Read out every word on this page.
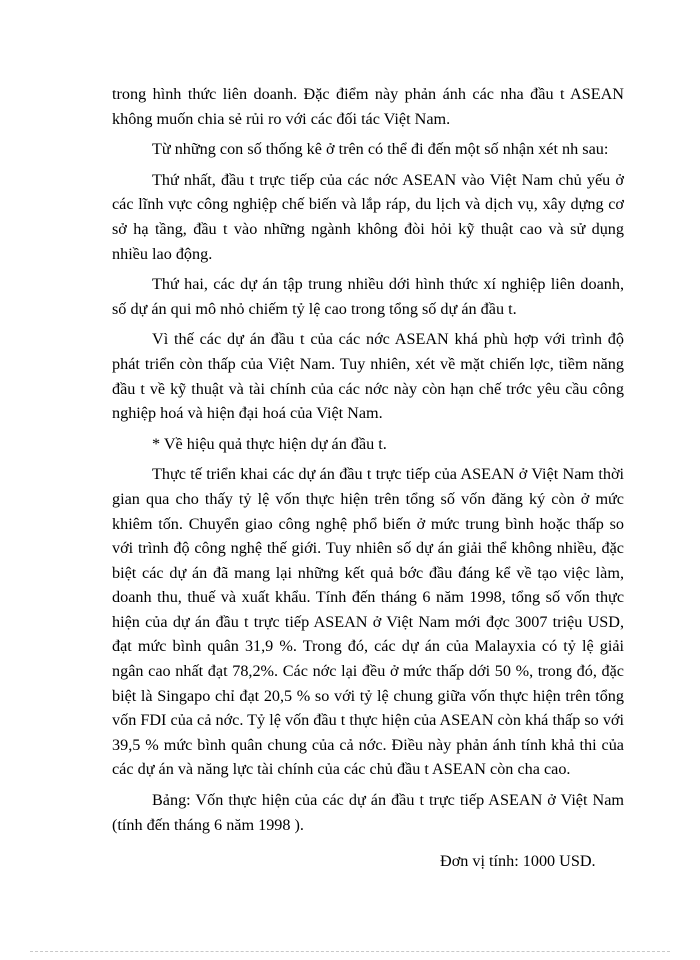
trong hình thức liên doanh. Đặc điểm này phản ánh các nha đầu t ASEAN không muốn chia sẻ rủi ro với các đối tác Việt Nam.

Từ những con số thống kê ở trên có thể đi đến một số nhận xét nh sau:

Thứ nhất, đầu t trực tiếp của các nớc ASEAN vào Việt Nam chủ yếu ở các lĩnh vực công nghiệp chế biến và lắp ráp, du lịch và dịch vụ, xây dựng cơ sở hạ tầng, đầu t vào những ngành không đòi hỏi kỹ thuật cao và sử dụng nhiều lao động.

Thứ hai, các dự án tập trung nhiều dới hình thức xí nghiệp liên doanh, số dự án qui mô nhỏ chiếm tỷ lệ cao trong tổng số dự án đầu t.

Vì thế các dự án đầu t của các nớc ASEAN khá phù hợp với trình độ phát triển còn thấp của Việt Nam. Tuy nhiên, xét về mặt chiến lợc, tiềm năng đầu t về kỹ thuật và tài chính của các nớc này còn hạn chế trớc yêu cầu công nghiệp hoá và hiện đại hoá của Việt Nam.

* Về hiệu quả thực hiện dự án đầu t.

Thực tế triển khai các dự án đầu t trực tiếp của ASEAN ở Việt Nam thời gian qua cho thấy tỷ lệ vốn thực hiện trên tổng số vốn đăng ký còn ở mức khiêm tốn. Chuyển giao công nghệ phổ biến ở mức trung bình hoặc thấp so với trình độ công nghệ thế giới. Tuy nhiên số dự án giải thể không nhiều, đặc biệt các dự án đã mang lại những kết quả bớc đầu đáng kể về tạo việc làm, doanh thu, thuế và xuất khẩu. Tính đến tháng 6 năm 1998, tổng số vốn thực hiện của dự án đầu t trực tiếp ASEAN ở Việt Nam mới đợc 3007 triệu USD, đạt mức bình quân 31,9 %. Trong đó, các dự án của Malayxia có tỷ lệ giải ngân cao nhất đạt 78,2%. Các nớc lại đều ở mức thấp dới 50 %, trong đó, đặc biệt là Singapo chỉ đạt 20,5 % so với tỷ lệ chung giữa vốn thực hiện trên tổng vốn FDI của cả nớc. Tỷ lệ vốn đầu t thực hiện của ASEAN còn khá thấp so với 39,5 % mức bình quân chung của cả nớc. Điều này phản ánh tính khả thi của các dự án và năng lực tài chính của các chủ đầu t ASEAN còn cha cao.

Bảng: Vốn thực hiện của các dự án đầu t trực tiếp ASEAN ở Việt Nam (tính đến tháng 6 năm 1998 ).

Đơn vị tính: 1000 USD.
